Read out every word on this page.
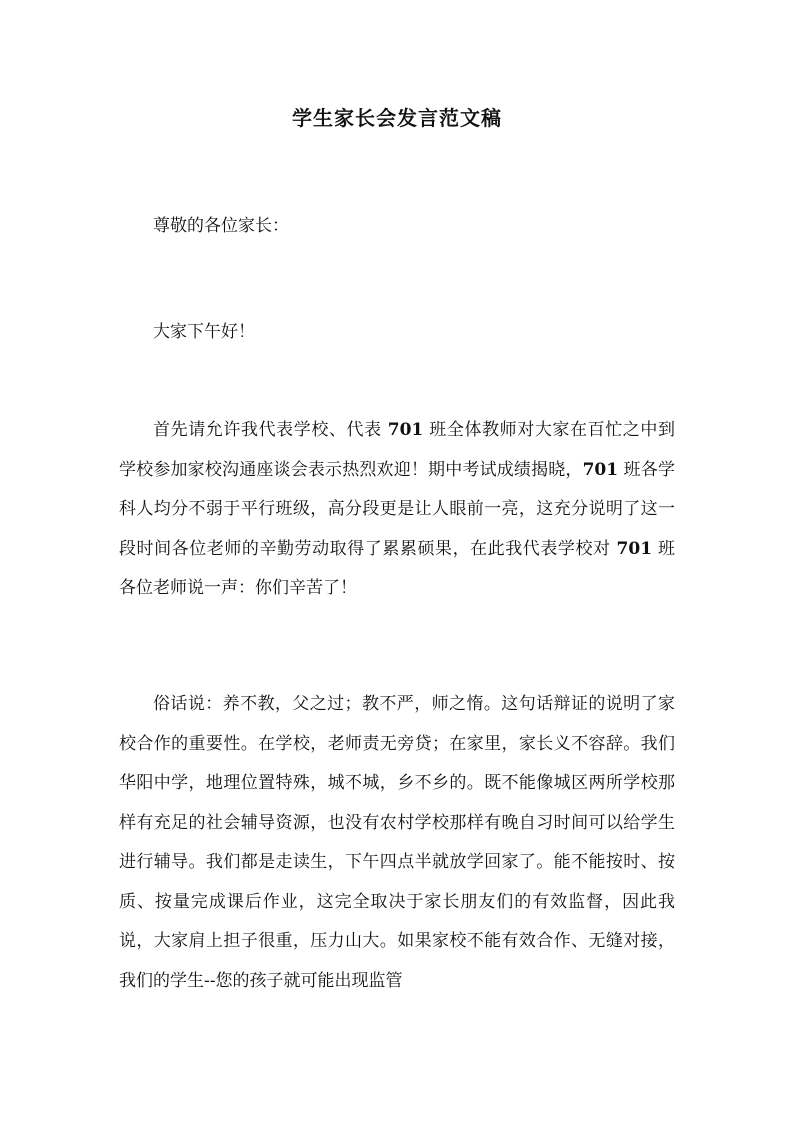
学生家长会发言范文稿

尊敬的各位家长：

大家下午好！

首先请允许我代表学校、代表 701 班全体教师对大家在百忙之中到学校参加家校沟通座谈会表示热烈欢迎！期中考试成绩揭晓，701 班各学科人均分不弱于平行班级，高分段更是让人眼前一亮，这充分说明了这一段时间各位老师的辛勤劳动取得了累累硕果，在此我代表学校对 701 班各位老师说一声：你们辛苦了！

俗话说：养不教，父之过；教不严，师之惰。这句话辩证的说明了家校合作的重要性。在学校，老师责无旁贷；在家里，家长义不容辞。我们华阳中学，地理位置特殊，城不城，乡不乡的。既不能像城区两所学校那样有充足的社会辅导资源，也没有农村学校那样有晚自习时间可以给学生进行辅导。我们都是走读生，下午四点半就放学回家了。能不能按时、按质、按量完成课后作业，这完全取决于家长朋友们的有效监督，因此我说，大家肩上担子很重，压力山大。如果家校不能有效合作、无缝对接，我们的学生--您的孩子就可能出现监管
